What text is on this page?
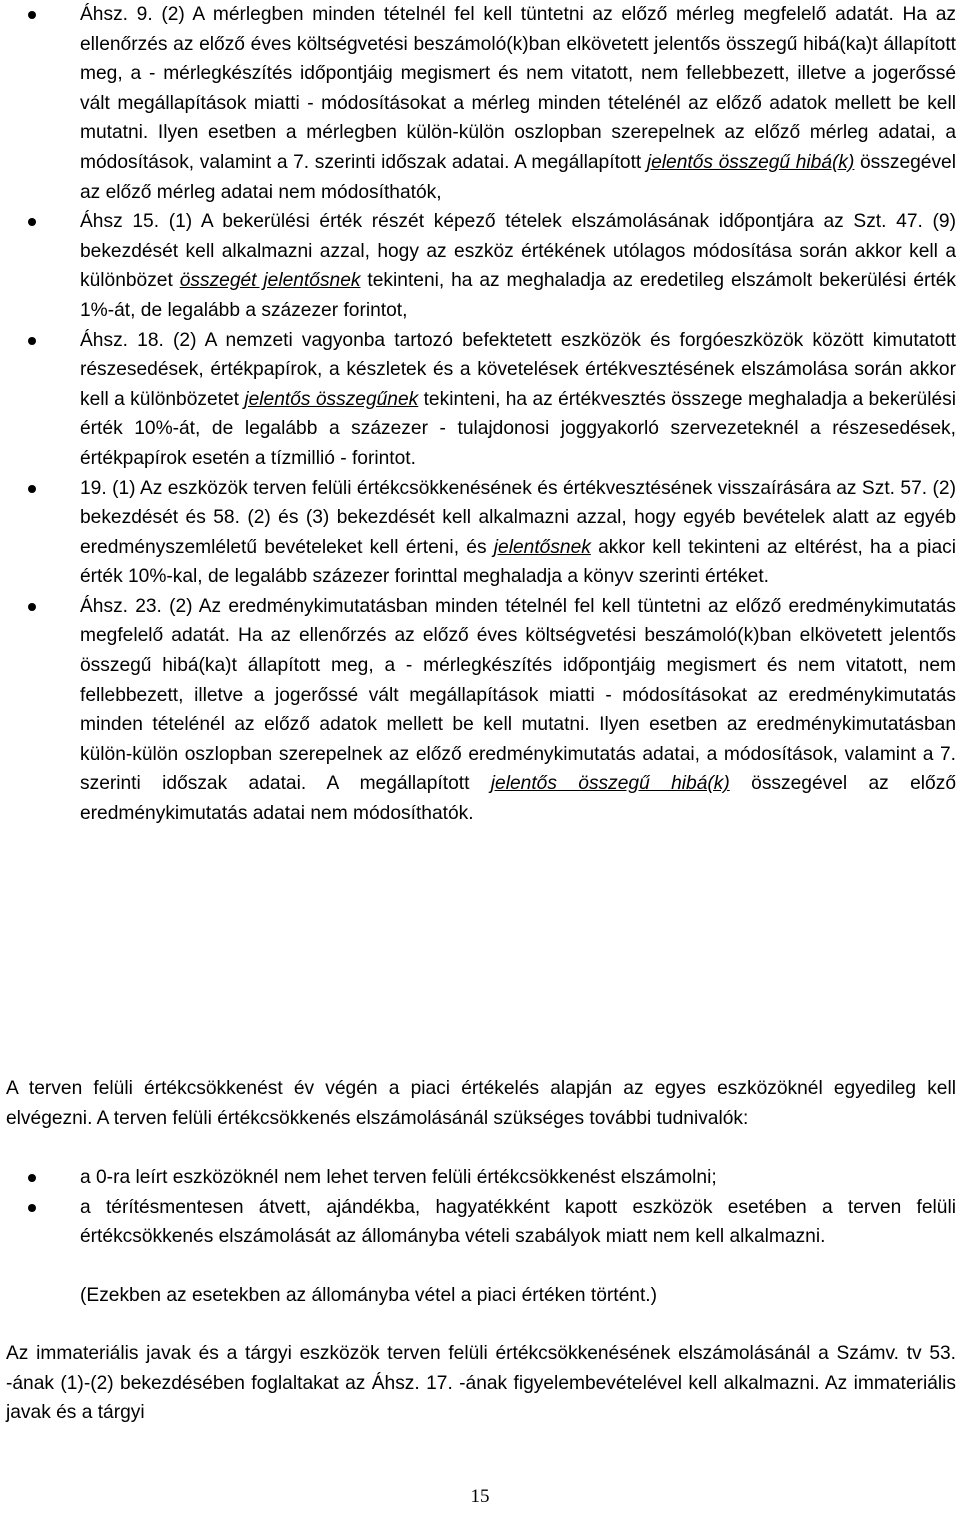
Áhsz. 9. (2) A mérlegben minden tételnél fel kell tüntetni az előző mérleg megfelelő adatát. Ha az ellenőrzés az előző éves költségvetési beszámoló(k)ban elkövetett jelentős összegű hibá(ka)t állapított meg, a - mérlegkészítés időpontjáig megismert és nem vitatott, nem fellebbezett, illetve a jogerőssé vált megállapítások miatti - módosításokat a mérleg minden tételénél az előző adatok mellett be kell mutatni. Ilyen esetben a mérlegben külön-külön oszlopban szerepelnek az előző mérleg adatai, a módosítások, valamint a 7. szerinti időszak adatai. A megállapított jelentős összegű hibá(k) összegével az előző mérleg adatai nem módosíthatók,
Áhsz 15. (1) A bekerülési érték részét képező tételek elszámolásának időpontjára az Szt. 47. (9) bekezdését kell alkalmazni azzal, hogy az eszköz értékének utólagos módosítása során akkor kell a különbözet összegét jelentősnek tekinteni, ha az meghaladja az eredetileg elszámolt bekerülési érték 1%-át, de legalább a százezer forintot,
Áhsz. 18. (2) A nemzeti vagyonba tartozó befektetett eszközök és forgóeszközök között kimutatott részesedések, értékpapírok, a készletek és a követelések értékvesztésének elszámolása során akkor kell a különbözetet jelentős összegűnek tekinteni, ha az értékvesztés összege meghaladja a bekerülési érték 10%-át, de legalább a százezer - tulajdonosi joggyakorló szervezeteknél a részesedések, értékpapírok esetén a tízmillió - forintot.
19. (1) Az eszközök terven felüli értékcsökkenésének és értékvesztésének visszaírására az Szt. 57. (2) bekezdését és 58. (2) és (3) bekezdését kell alkalmazni azzal, hogy egyéb bevételek alatt az egyéb eredményszemléletű bevételeket kell érteni, és jelentősnek akkor kell tekinteni az eltérést, ha a piaci érték 10%-kal, de legalább százezer forinttal meghaladja a könyv szerinti értéket.
Áhsz. 23. (2) Az eredménykimutatásban minden tételnél fel kell tüntetni az előző eredménykimutatás megfelelő adatát. Ha az ellenőrzés az előző éves költségvetési beszámoló(k)ban elkövetett jelentős összegű hibá(ka)t állapított meg, a - mérlegkészítés időpontjáig megismert és nem vitatott, nem fellebbezett, illetve a jogerőssé vált megállapítások miatti - módosításokat az eredménykimutatás minden tételénél az előző adatok mellett be kell mutatni. Ilyen esetben az eredménykimutatásban külön-külön oszlopban szerepelnek az előző eredménykimutatás adatai, a módosítások, valamint a 7. szerinti időszak adatai. A megállapított jelentős összegű hibá(k) összegével az előző eredménykimutatás adatai nem módosíthatók.

A terven felüli értékcsökkenést év végén a piaci értékelés alapján az egyes eszközöknél egyedileg kell elvégezni. A terven felüli értékcsökkenés elszámolásánál szükséges további tudnivalók:

a 0-ra leírt eszközöknél nem lehet terven felüli értékcsökkenést elszámolni;
a térítésmentesen átvett, ajándékba, hagyatékként kapott eszközök esetében a terven felüli értékcsökkenés elszámolását az állományba vételi szabályok miatt nem kell alkalmazni.

(Ezekben az esetekben az állományba vétel a piaci értéken történt.)

Az immateriális javak és a tárgyi eszközök terven felüli értékcsökkenésének elszámolásánál a Számv. tv 53. -ának (1)-(2) bekezdésében foglaltakat az Áhsz. 17. -ának figyelembevételével kell alkalmazni. Az immateriális javak és a tárgyi

15
